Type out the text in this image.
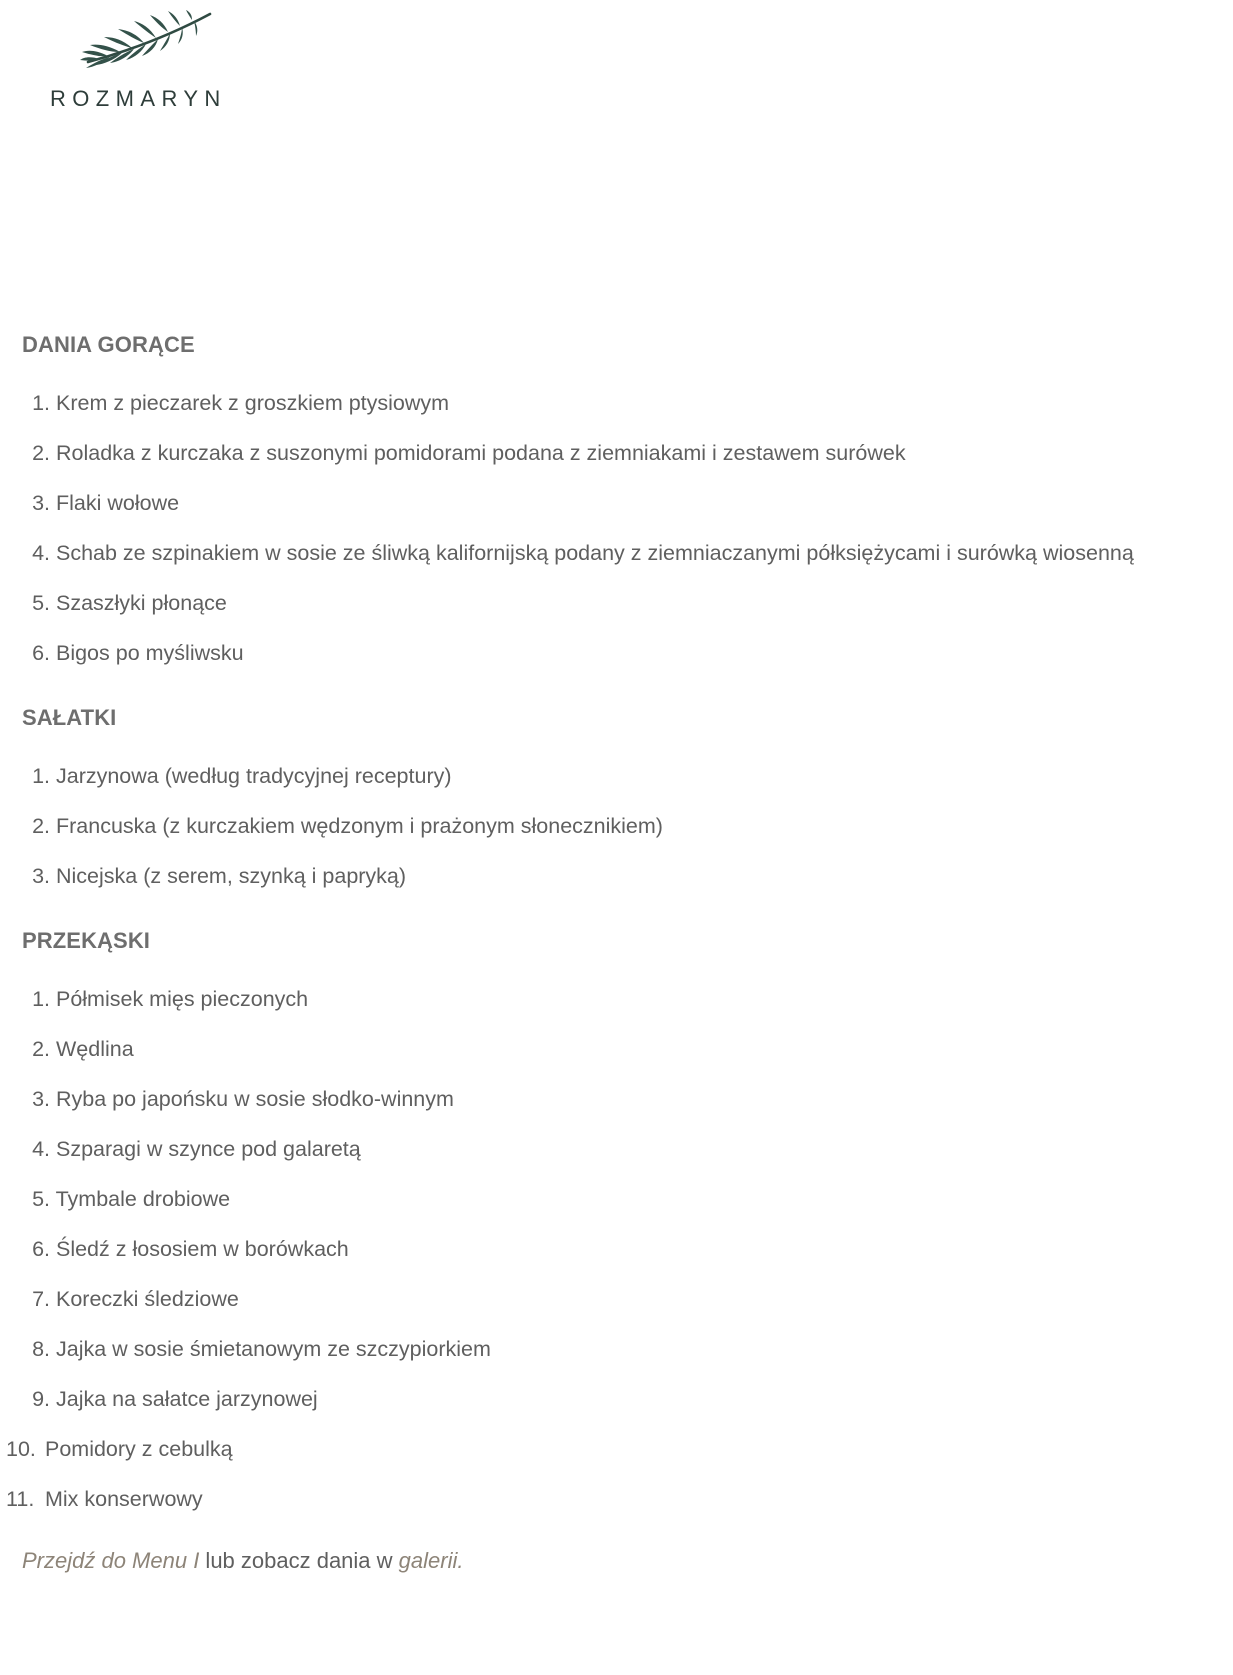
ROZMARYN
DANIA GORĄCE
1. Krem z pieczarek z groszkiem ptysiowym
2. Roladka z kurczaka z suszonymi pomidorami podana z ziemniakami i zestawem surówek
3. Flaki wołowe
4. Schab ze szpinakiem w sosie ze śliwką kalifornijską podany z ziemniaczanymi półksiężycami i surówką wiosenną
5. Szaszłyki płonące
6. Bigos po myśliwsku
SAŁATKI
1. Jarzynowa (według tradycyjnej receptury)
2. Francuska (z kurczakiem wędzonym i prażonym słonecznikiem)
3. Nicejska (z serem, szynką i papryką)
PRZEKĄSKI
1. Półmisek mięs pieczonych
2. Wędlina
3. Ryba po japońsku w sosie słodko-winnym
4. Szparagi w szynce pod galaretą
5. Tymbale drobiowe
6. Śledź z łososiem w borówkach
7. Koreczki śledziowe
8. Jajka w sosie śmietanowym ze szczypiorkiem
9. Jajka na sałatce jarzynowej
10. Pomidory z cebulką
11. Mix konserwowy
Przejdź do Menu I lub zobacz dania w galerii.
